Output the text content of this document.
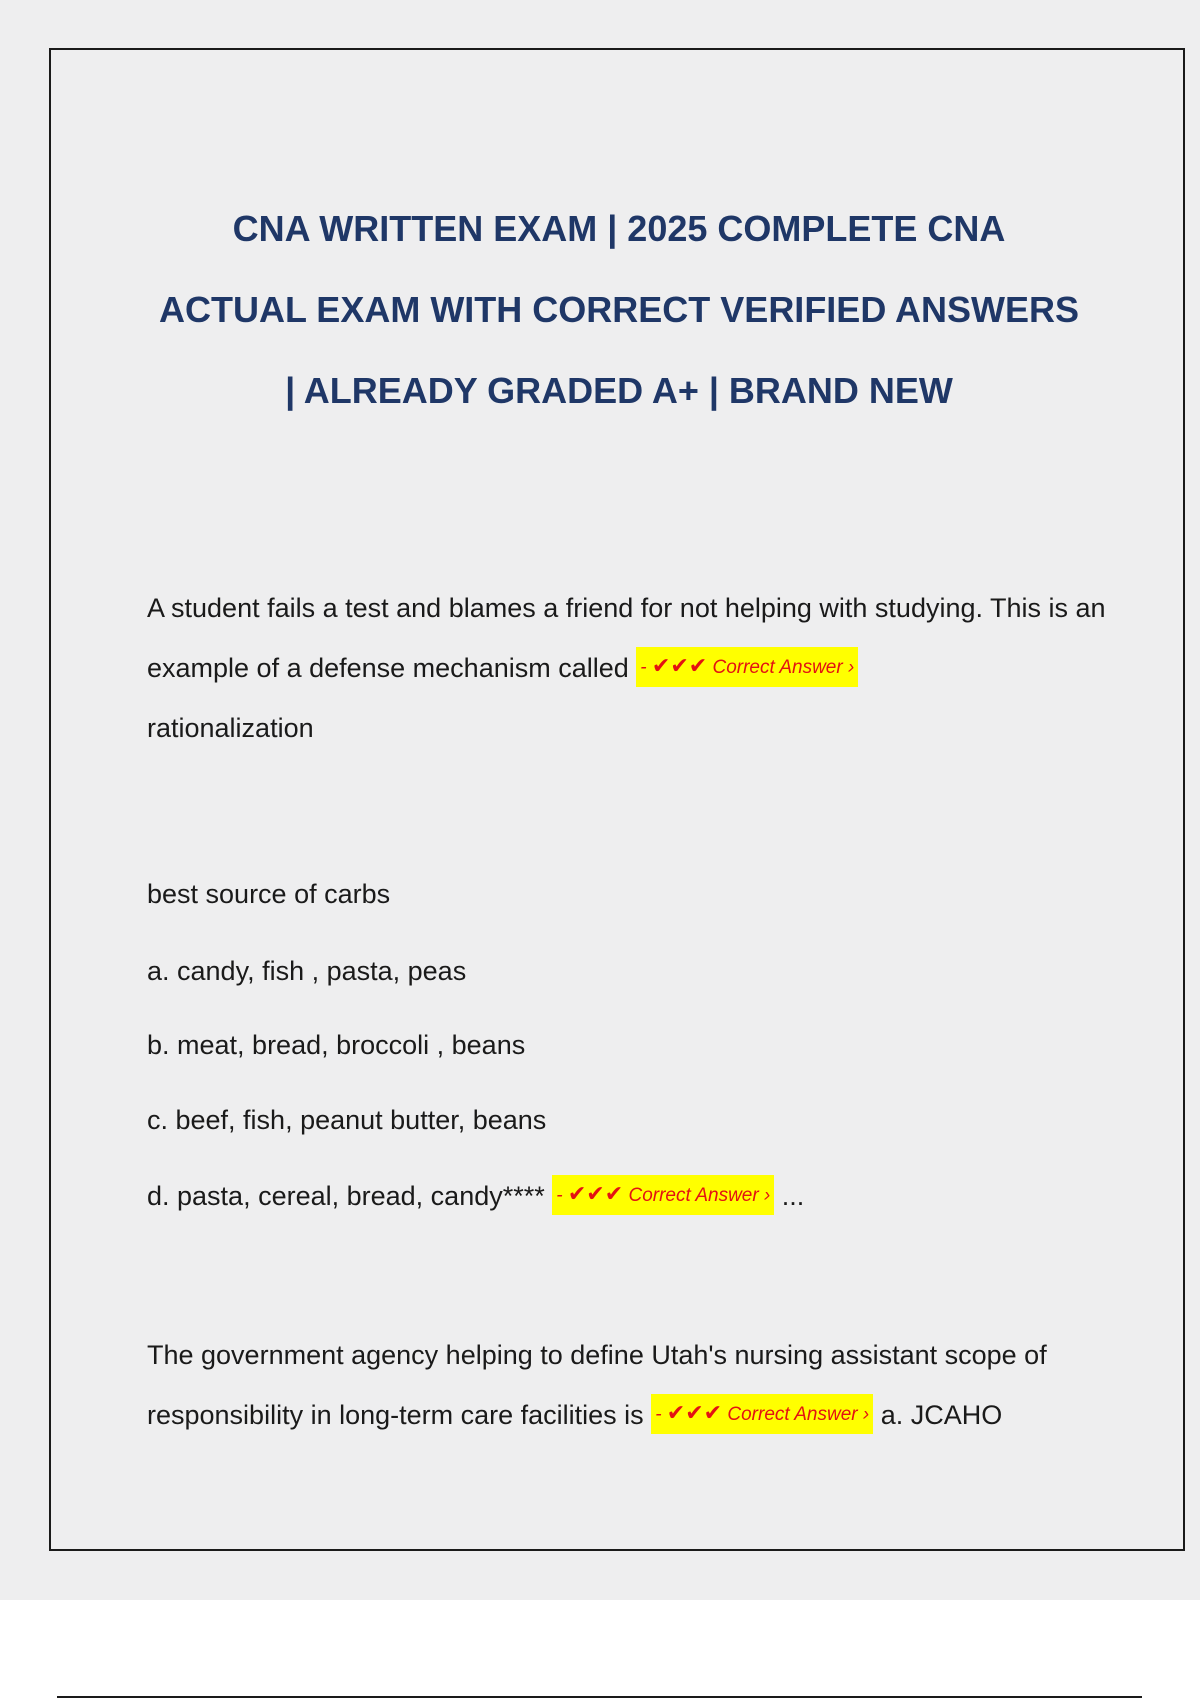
CNA WRITTEN EXAM | 2025 COMPLETE CNA
ACTUAL EXAM WITH CORRECT VERIFIED ANSWERS
| ALREADY GRADED A+ | BRAND NEW

A student fails a test and blames a friend for not helping with studying. This is an example of a defense mechanism called - ✔✔✔ Correct Answer ›
rationalization

best source of carbs

a. candy, fish , pasta, peas

b. meat, bread, broccoli , beans

c. beef, fish, peanut butter, beans

d. pasta, cereal, bread, candy**** - ✔✔✔ Correct Answer › ...

The government agency helping to define Utah's nursing assistant scope of responsibility in long-term care facilities is - ✔✔✔ Correct Answer › a. JCAHO
